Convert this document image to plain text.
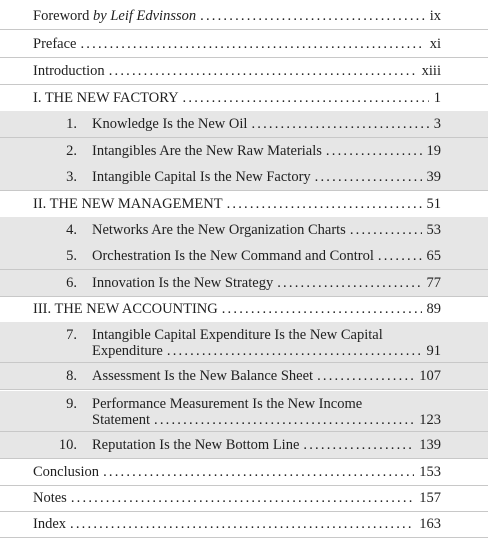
Foreword by Leif Edvinsson .....	ix
Preface .....	xi
Introduction .....	xiii
I. THE NEW FACTORY .....	1
1. Knowledge Is the New Oil .....	3
2. Intangibles Are the New Raw Materials .....	19
3. Intangible Capital Is the New Factory .....	39
II. THE NEW MANAGEMENT .....	51
4. Networks Are the New Organization Charts .....	53
5. Orchestration Is the New Command and Control .....	65
6. Innovation Is the New Strategy .....	77
III. THE NEW ACCOUNTING .....	89
7. Intangible Capital Expenditure Is the New Capital
Expenditure .....	91
8. Assessment Is the New Balance Sheet .....	107
9. Performance Measurement Is the New Income
Statement .....	123
10. Reputation Is the New Bottom Line .....	139
Conclusion .....	153
Notes .....	157
Index .....	163
